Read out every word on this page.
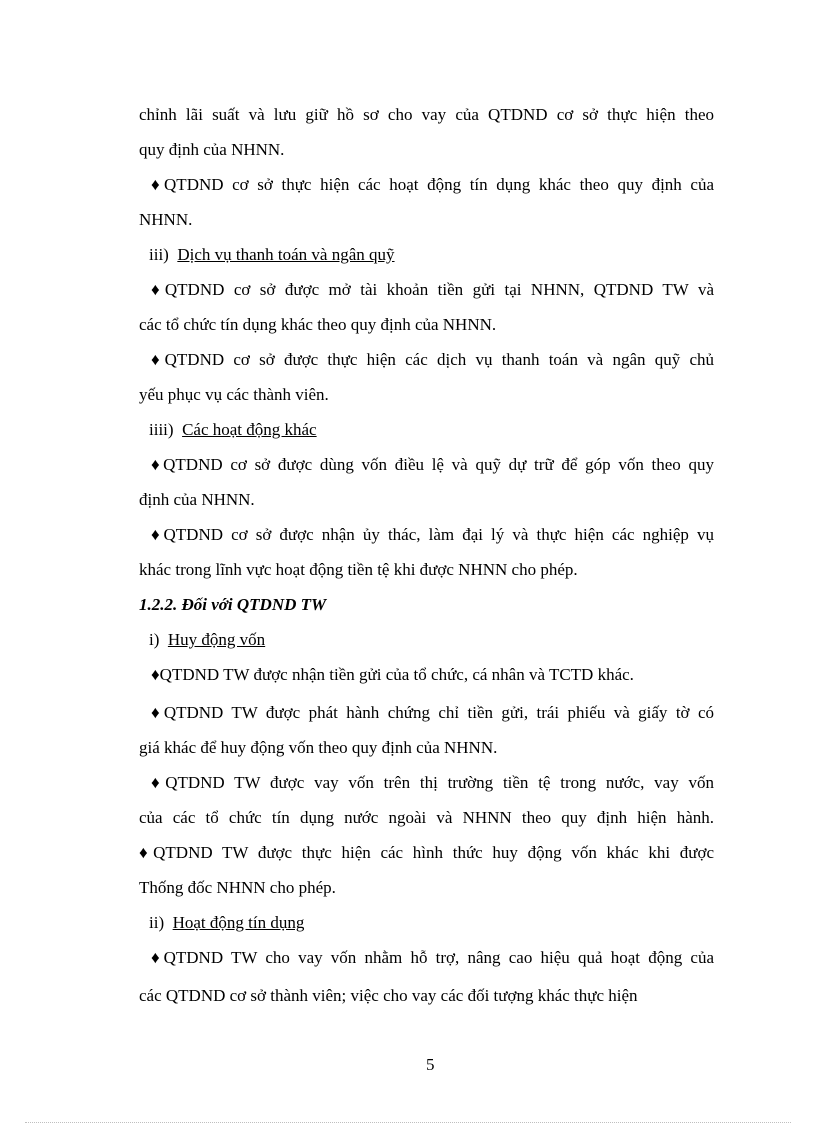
chỉnh lãi suất và lưu giữ hồ sơ cho vay của QTDND cơ sở thực hiện theo
quy định của NHNN.
♦QTDND cơ sở thực hiện các hoạt động tín dụng khác theo quy định của
NHNN.
iii) Dịch vụ thanh toán và ngân quỹ
♦QTDND cơ sở được mở tài khoản tiền gửi tại NHNN, QTDND TW và
các tổ chức tín dụng khác theo quy định của NHNN.
♦QTDND cơ sở được thực hiện các dịch vụ thanh toán và ngân quỹ chủ
yếu phục vụ các thành viên.
iiii) Các hoạt động khác
♦QTDND cơ sở được dùng vốn điều lệ và quỹ dự trữ để góp vốn theo quy
định của NHNN.
♦QTDND cơ sở được nhận ủy thác, làm đại lý và thực hiện các nghiệp vụ
khác trong lĩnh vực hoạt động tiền tệ khi được NHNN cho phép.
1.2.2. Đối với QTDND TW
i) Huy động vốn
♦QTDND TW được nhận tiền gửi của tổ chức, cá nhân và TCTD khác.
♦QTDND TW được phát hành chứng chỉ tiền gửi, trái phiếu và giấy tờ có
giá khác để huy động vốn theo quy định của NHNN.
♦QTDND TW được vay vốn trên thị trường tiền tệ trong nước, vay vốn
của các tổ chức tín dụng nước ngoài và NHNN theo quy định hiện hành.
♦QTDND TW được thực hiện các hình thức huy động vốn khác khi được
Thống đốc NHNN cho phép.
ii) Hoạt động tín dụng
♦QTDND TW cho vay vốn nhằm hỗ trợ, nâng cao hiệu quả hoạt động của
các QTDND cơ sở thành viên; việc cho vay các đối tượng khác thực hiện
5
